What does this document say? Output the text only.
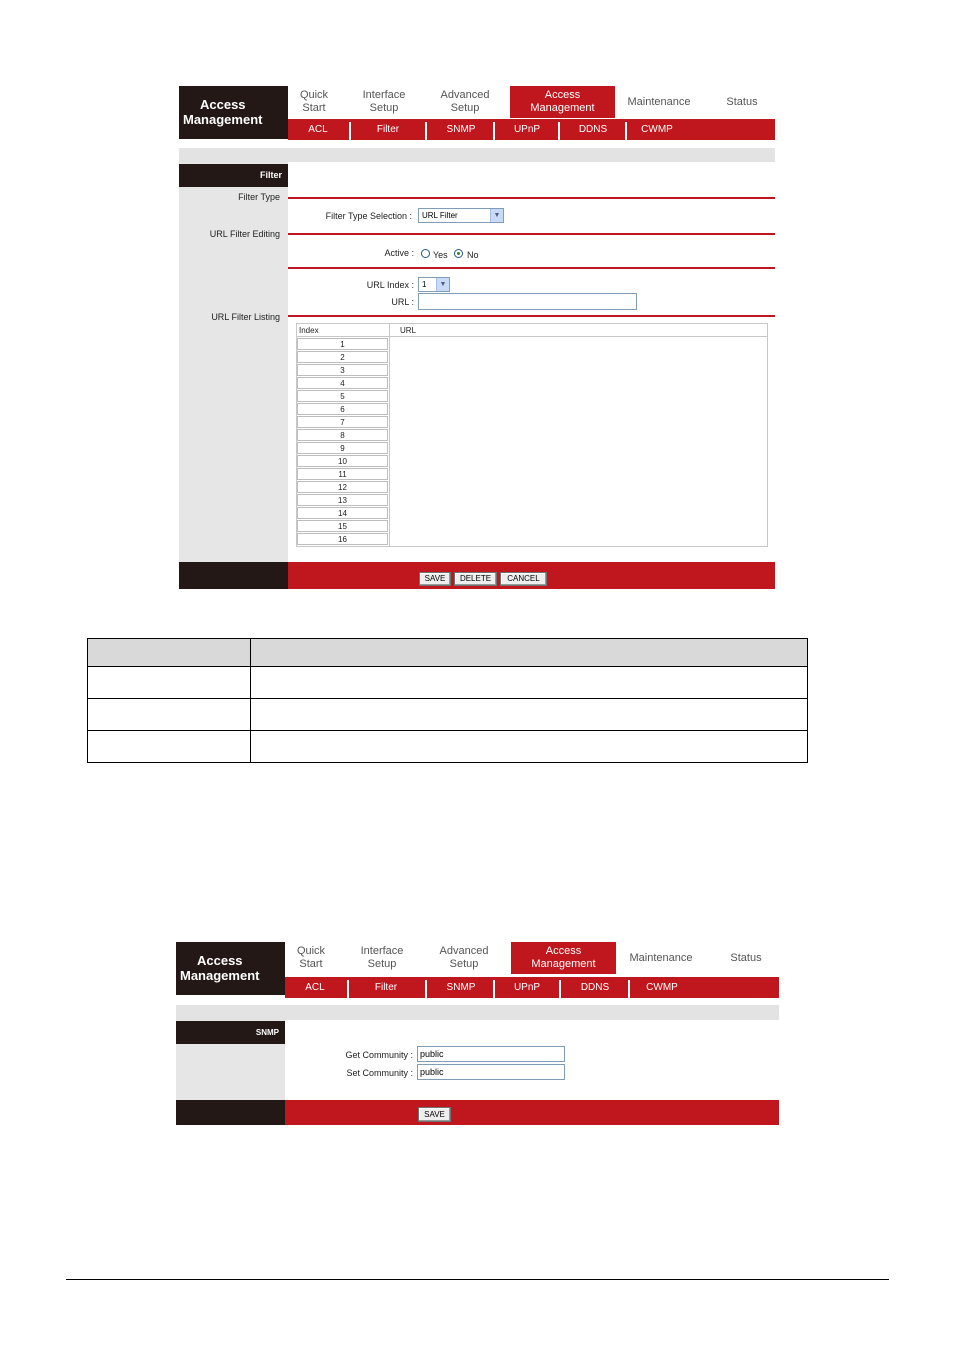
Access
Management
Quick
Start
Interface
Setup
Advanced
Setup
Access
Management
Maintenance	Status
ACL	Filter	SNMP	UPnP	DDNS	CWMP
Filter
Filter Type
Filter Type Selection :	URL Filter	▼
URL Filter Editing
Active : Yes No
URL Index :	1	▼
URL :
URL Filter Listing
Index	URL
1
2
3
4
5
6
7
8
9
10
11
12
13
14
15
16
SAVE	DELETE	CANCEL

Access
Management
Quick
Start
Interface
Setup
Advanced
Setup
Access
Management
Maintenance	Status
ACL	Filter	SNMP	UPnP	DDNS	CWMP
SNMP
Get Community : public
Set Community : public
SAVE
